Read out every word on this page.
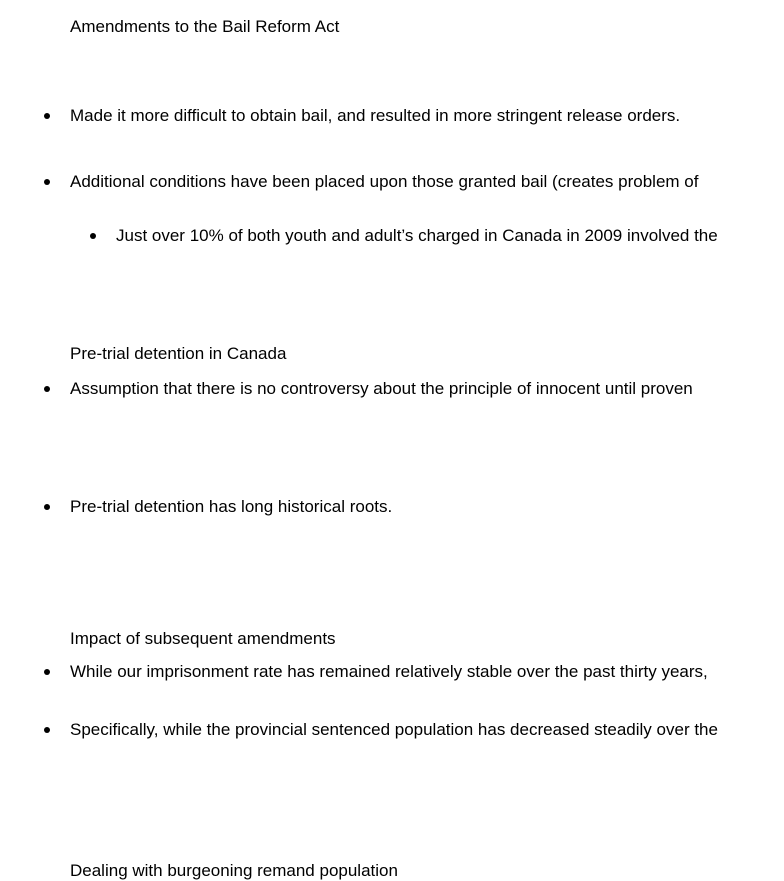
Amendments to the Bail Reform Act
Made it more difficult to obtain bail, and resulted in more stringent release orders.
Additional conditions have been placed upon those granted bail (creates problem of
Just over 10% of both youth and adult’s charged in Canada in 2009 involved the
Pre-trial detention in Canada
Assumption that there is no controversy about the principle of innocent until proven
Pre-trial detention has long historical roots.
Impact of subsequent amendments
While our imprisonment rate has remained relatively stable over the past thirty years,
Specifically, while the provincial sentenced population has decreased steadily over the
Dealing with burgeoning remand population
